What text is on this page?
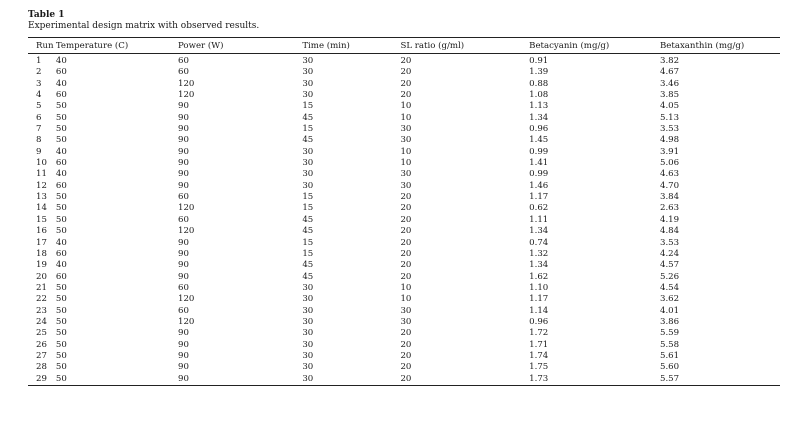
Table 1
Experimental design matrix with observed results.
Run	Temperature (C)	Power (W)	Time (min)	SL ratio (g/ml)	Betacyanin (mg/g)	Betaxanthin (mg/g)
1	40	60	30	20	0.91	3.82
2	60	60	30	20	1.39	4.67
3	40	120	30	20	0.88	3.46
4	60	120	30	20	1.08	3.85
5	50	90	15	10	1.13	4.05
6	50	90	45	10	1.34	5.13
7	50	90	15	30	0.96	3.53
8	50	90	45	30	1.45	4.98
9	40	90	30	10	0.99	3.91
10	60	90	30	10	1.41	5.06
11	40	90	30	30	0.99	4.63
12	60	90	30	30	1.46	4.70
13	50	60	15	20	1.17	3.84
14	50	120	15	20	0.62	2.63
15	50	60	45	20	1.11	4.19
16	50	120	45	20	1.34	4.84
17	40	90	15	20	0.74	3.53
18	60	90	15	20	1.32	4.24
19	40	90	45	20	1.34	4.57
20	60	90	45	20	1.62	5.26
21	50	60	30	10	1.10	4.54
22	50	120	30	10	1.17	3.62
23	50	60	30	30	1.14	4.01
24	50	120	30	30	0.96	3.86
25	50	90	30	20	1.72	5.59
26	50	90	30	20	1.71	5.58
27	50	90	30	20	1.74	5.61
28	50	90	30	20	1.75	5.60
29	50	90	30	20	1.73	5.57
